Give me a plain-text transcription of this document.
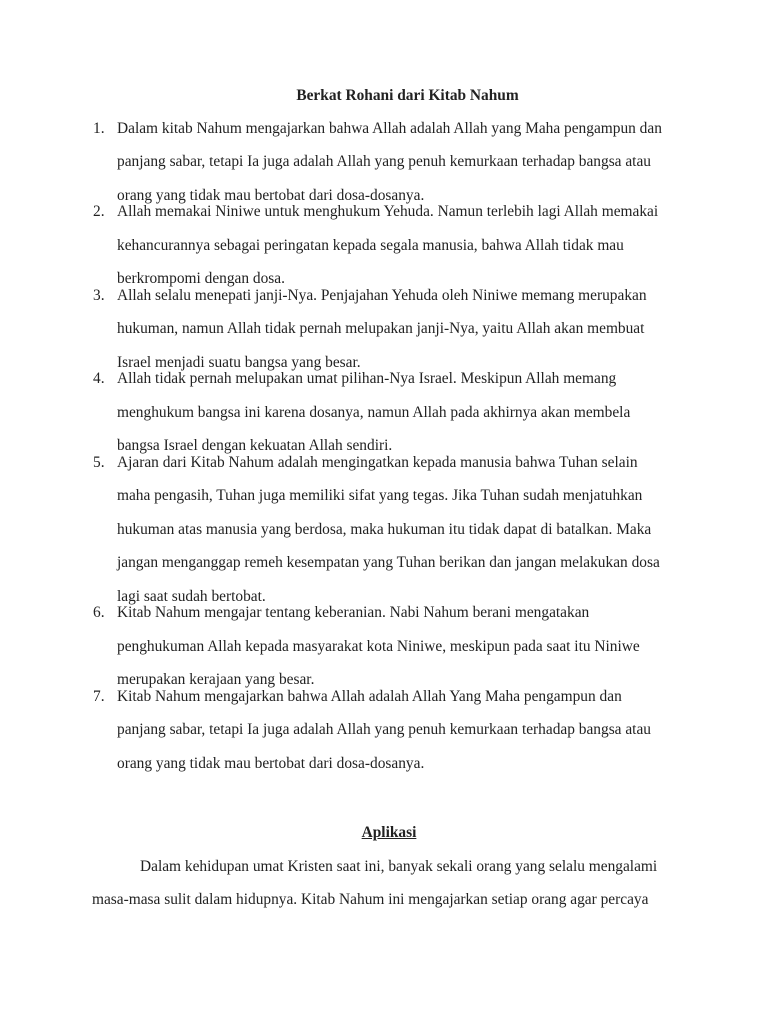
Berkat Rohani dari Kitab Nahum
1. Dalam kitab Nahum mengajarkan bahwa Allah adalah Allah yang Maha pengampun dan
panjang sabar, tetapi Ia juga adalah Allah yang penuh kemurkaan terhadap bangsa atau
orang yang tidak mau bertobat dari dosa-dosanya.
2. Allah memakai Niniwe untuk menghukum Yehuda. Namun terlebih lagi Allah memakai
kehancurannya sebagai peringatan kepada segala manusia, bahwa Allah tidak mau
berkrompomi dengan dosa.
3. Allah selalu menepati janji-Nya. Penjajahan Yehuda oleh Niniwe memang merupakan
hukuman, namun Allah tidak pernah melupakan janji-Nya, yaitu Allah akan membuat
Israel menjadi suatu bangsa yang besar.
4. Allah tidak pernah melupakan umat pilihan-Nya Israel. Meskipun Allah memang
menghukum bangsa ini karena dosanya, namun Allah pada akhirnya akan membela
bangsa Israel dengan kekuatan Allah sendiri.
5. Ajaran dari Kitab Nahum adalah mengingatkan kepada manusia bahwa Tuhan selain
maha pengasih, Tuhan juga memiliki sifat yang tegas. Jika Tuhan sudah menjatuhkan
hukuman atas manusia yang berdosa, maka hukuman itu tidak dapat di batalkan. Maka
jangan menganggap remeh kesempatan yang Tuhan berikan dan jangan melakukan dosa
lagi saat sudah bertobat.
6. Kitab Nahum mengajar tentang keberanian. Nabi Nahum berani mengatakan
penghukuman Allah kepada masyarakat kota Niniwe, meskipun pada saat itu Niniwe
merupakan kerajaan yang besar.
7. Kitab Nahum mengajarkan bahwa Allah adalah Allah Yang Maha pengampun dan
panjang sabar, tetapi Ia juga adalah Allah yang penuh kemurkaan terhadap bangsa atau
orang yang tidak mau bertobat dari dosa-dosanya.
Aplikasi
Dalam kehidupan umat Kristen saat ini, banyak sekali orang yang selalu mengalami
masa-masa sulit dalam hidupnya. Kitab Nahum ini mengajarkan setiap orang agar percaya
